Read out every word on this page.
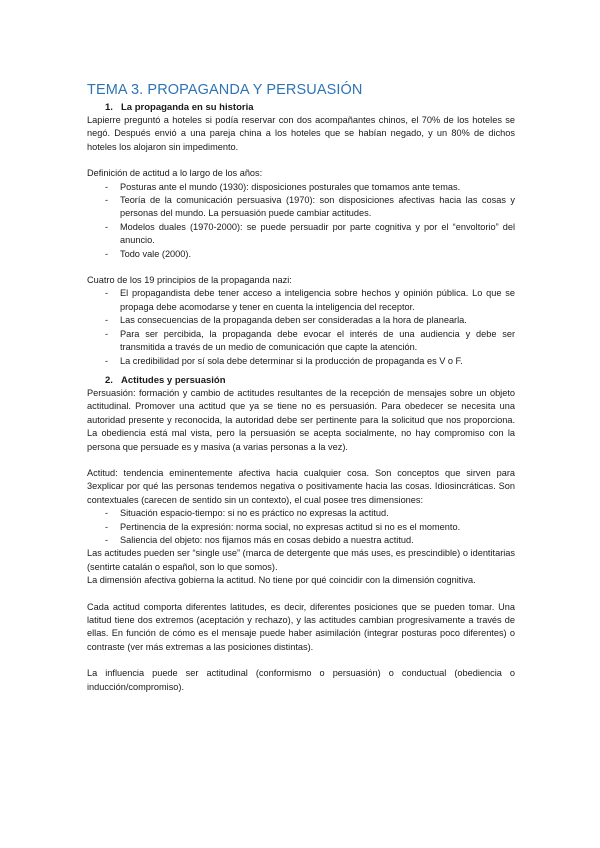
TEMA 3. PROPAGANDA Y PERSUASIÓN
1. La propaganda en su historia

Lapierre preguntó a hoteles si podía reservar con dos acompañantes chinos, el 70% de los hoteles se negó. Después envió a una pareja china a los hoteles que se habían negado, y un 80% de dichos hoteles los alojaron sin impedimento.

Definición de actitud a lo largo de los años:

- Posturas ante el mundo (1930): disposiciones posturales que tomamos ante temas.
- Teoría de la comunicación persuasiva (1970): son disposiciones afectivas hacia las cosas y personas del mundo. La persuasión puede cambiar actitudes.
- Modelos duales (1970-2000): se puede persuadir por parte cognitiva y por el “envoltorio” del anuncio.
- Todo vale (2000).

Cuatro de los 19 principios de la propaganda nazi:

- El propagandista debe tener acceso a inteligencia sobre hechos y opinión pública. Lo que se propaga debe acomodarse y tener en cuenta la inteligencia del receptor.
- Las consecuencias de la propaganda deben ser consideradas a la hora de planearla.
- Para ser percibida, la propaganda debe evocar el interés de una audiencia y debe ser transmitida a través de un medio de comunicación que capte la atención.
- La credibilidad por sí sola debe determinar si la producción de propaganda es V o F.
2. Actitudes y persuasión

Persuasión: formación y cambio de actitudes resultantes de la recepción de mensajes sobre un objeto actitudinal. Promover una actitud que ya se tiene no es persuasión. Para obedecer se necesita una autoridad presente y reconocida, la autoridad debe ser pertinente para la solicitud que nos proporciona. La obediencia está mal vista, pero la persuasión se acepta socialmente, no hay compromiso con la persona que persuade es y masiva (a varias personas a la vez).

Actitud: tendencia eminentemente afectiva hacia cualquier cosa. Son conceptos que sirven para 3explicar por qué las personas tendemos negativa o positivamente hacia las cosas. Idiosincráticas. Son contextuales (carecen de sentido sin un contexto), el cual posee tres dimensiones:

- Situación espacio-tiempo: si no es práctico no expresas la actitud.
- Pertinencia de la expresión: norma social, no expresas actitud si no es el momento.
- Saliencia del objeto: nos fijamos más en cosas debido a nuestra actitud.

Las actitudes pueden ser “single use” (marca de detergente que más uses, es prescindible) o identitarias (sentirte catalán o español, son lo que somos).

La dimensión afectiva gobierna la actitud. No tiene por qué coincidir con la dimensión cognitiva.

Cada actitud comporta diferentes latitudes, es decir, diferentes posiciones que se pueden tomar. Una latitud tiene dos extremos (aceptación y rechazo), y las actitudes cambian progresivamente a través de ellas. En función de cómo es el mensaje puede haber asimilación (integrar posturas poco diferentes) o contraste (ver más extremas a las posiciones distintas).

La influencia puede ser actitudinal (conformismo o persuasión) o conductual (obediencia o inducción/compromiso).
